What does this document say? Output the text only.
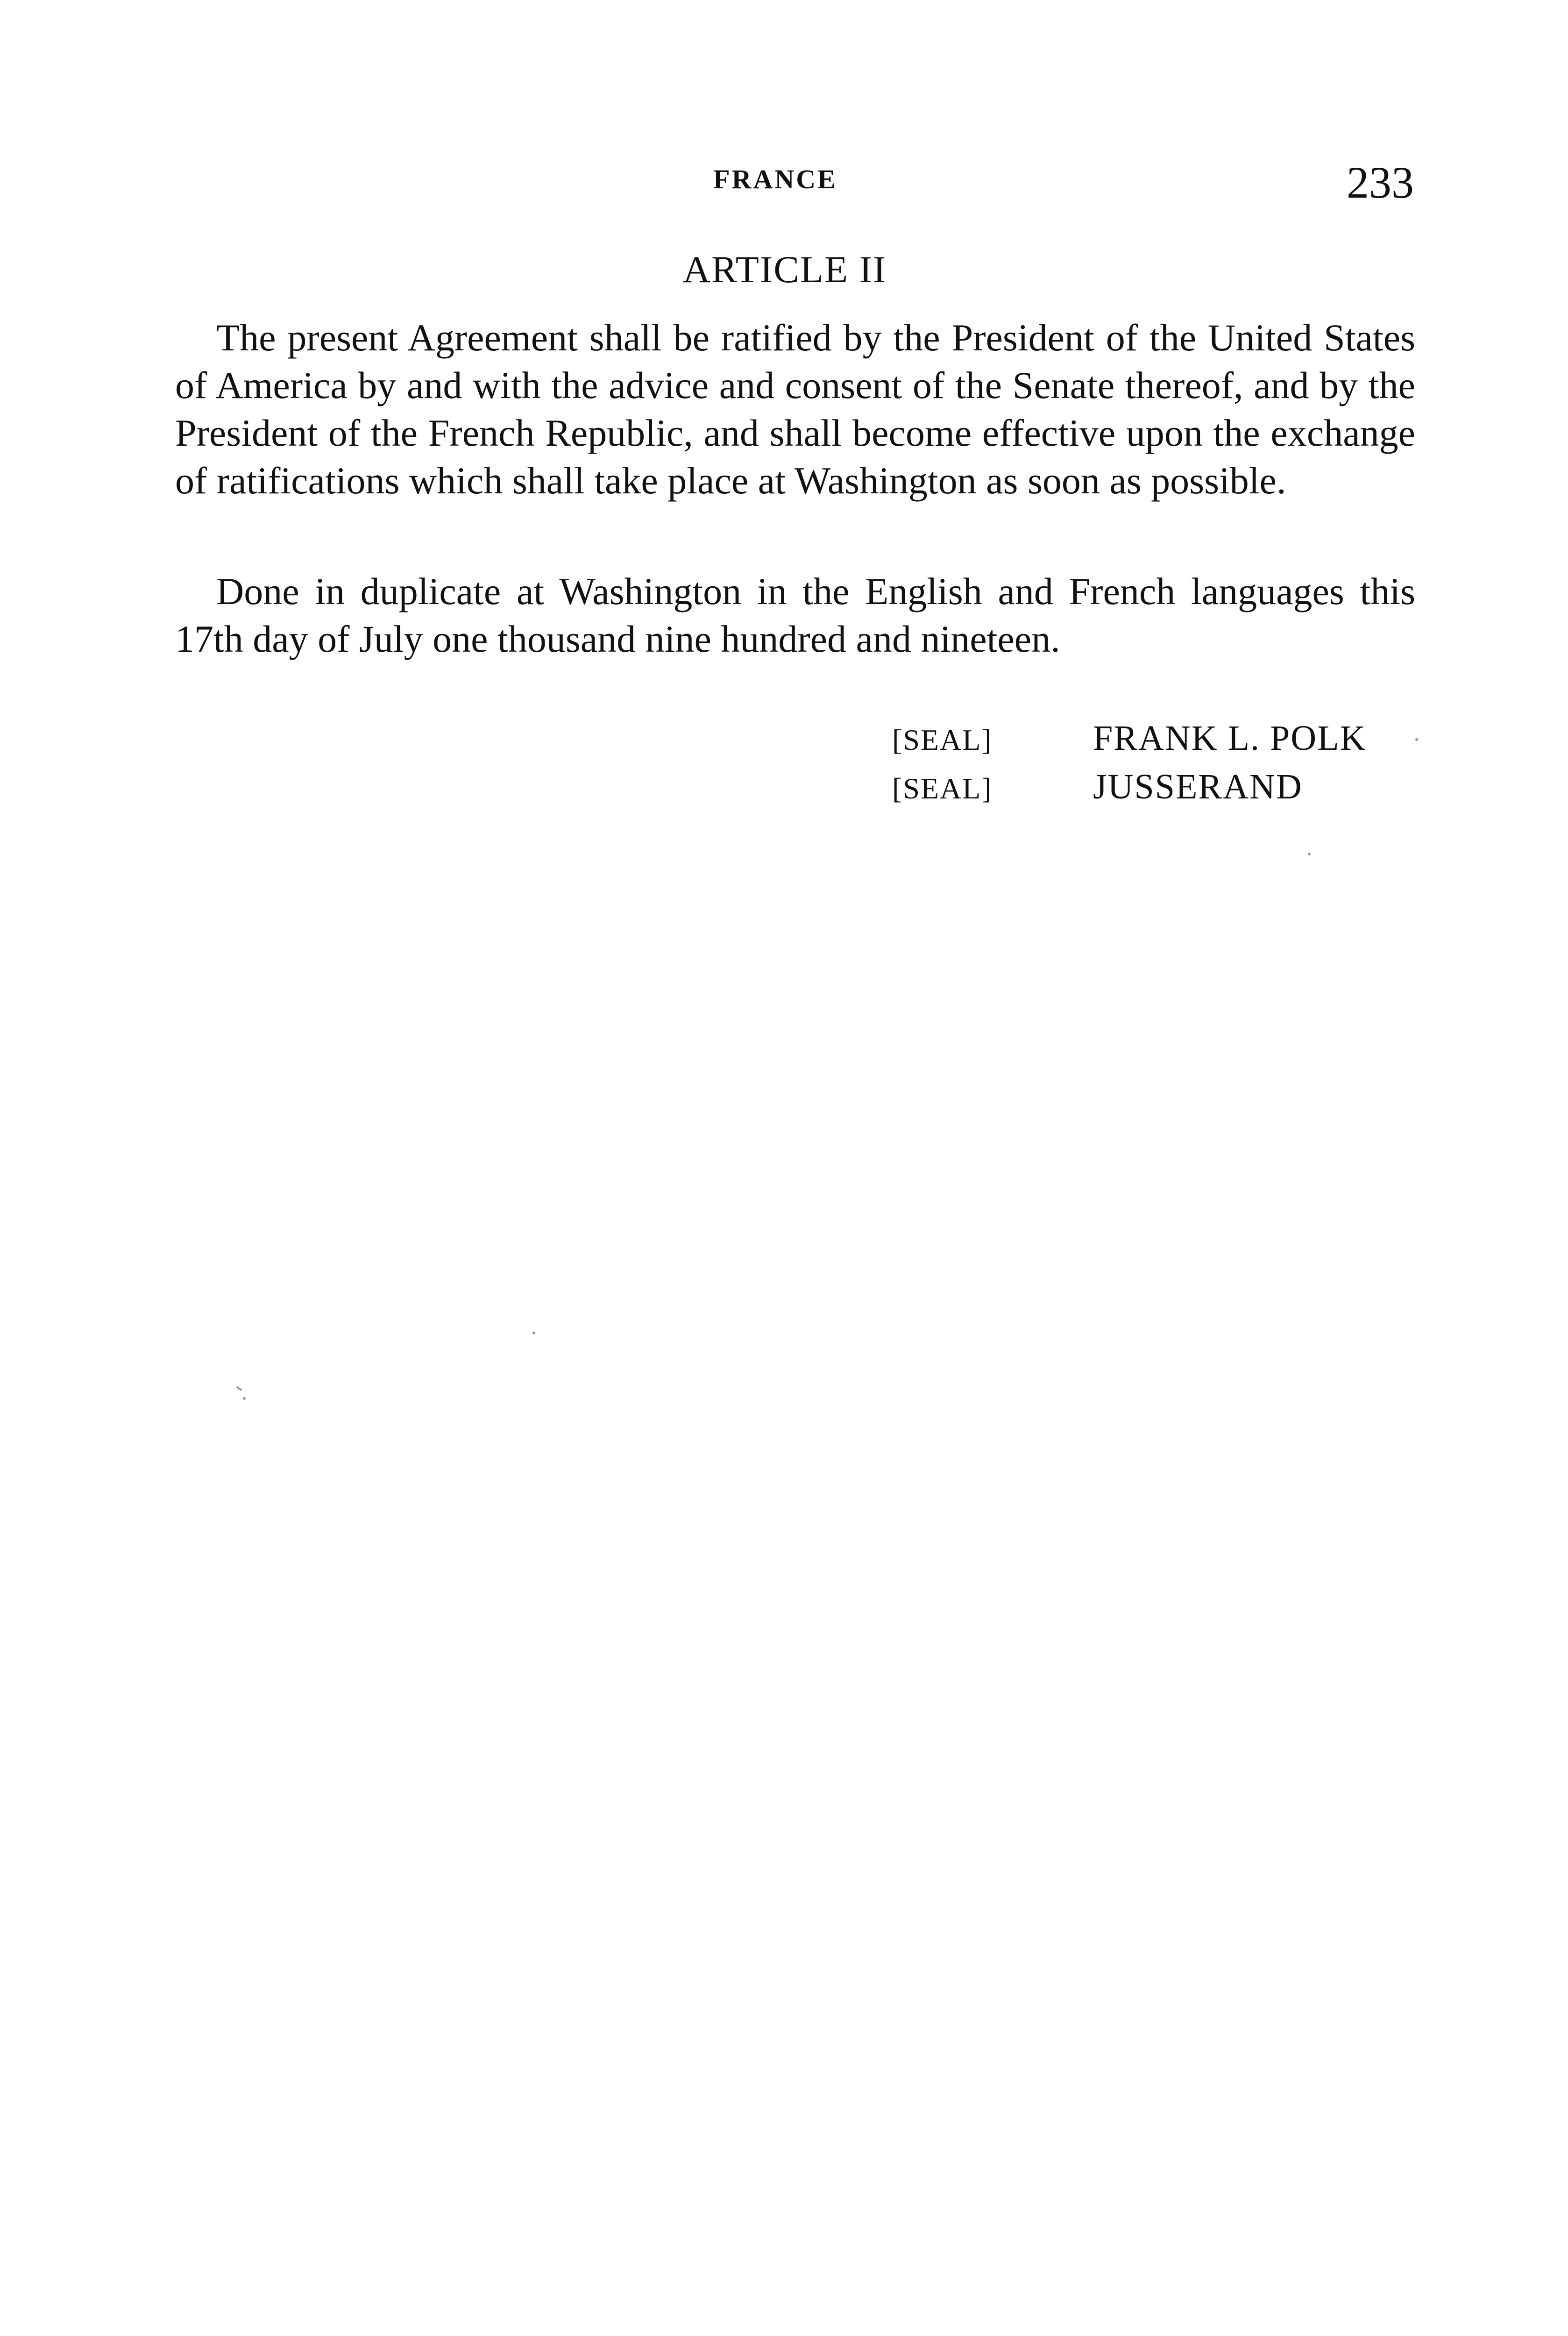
FRANCE	233
ARTICLE II

The present Agreement shall be ratified by the President of the United States of America by and with the advice and consent of the Senate thereof, and by the President of the French Republic, and shall become effective upon the exchange of ratifications which shall take place at Washington as soon as possible.

Done in duplicate at Washington in the English and French languages this 17th day of July one thousand nine hundred and nineteen.

[SEAL]	FRANK L. POLK
[SEAL]	JUSSERAND
